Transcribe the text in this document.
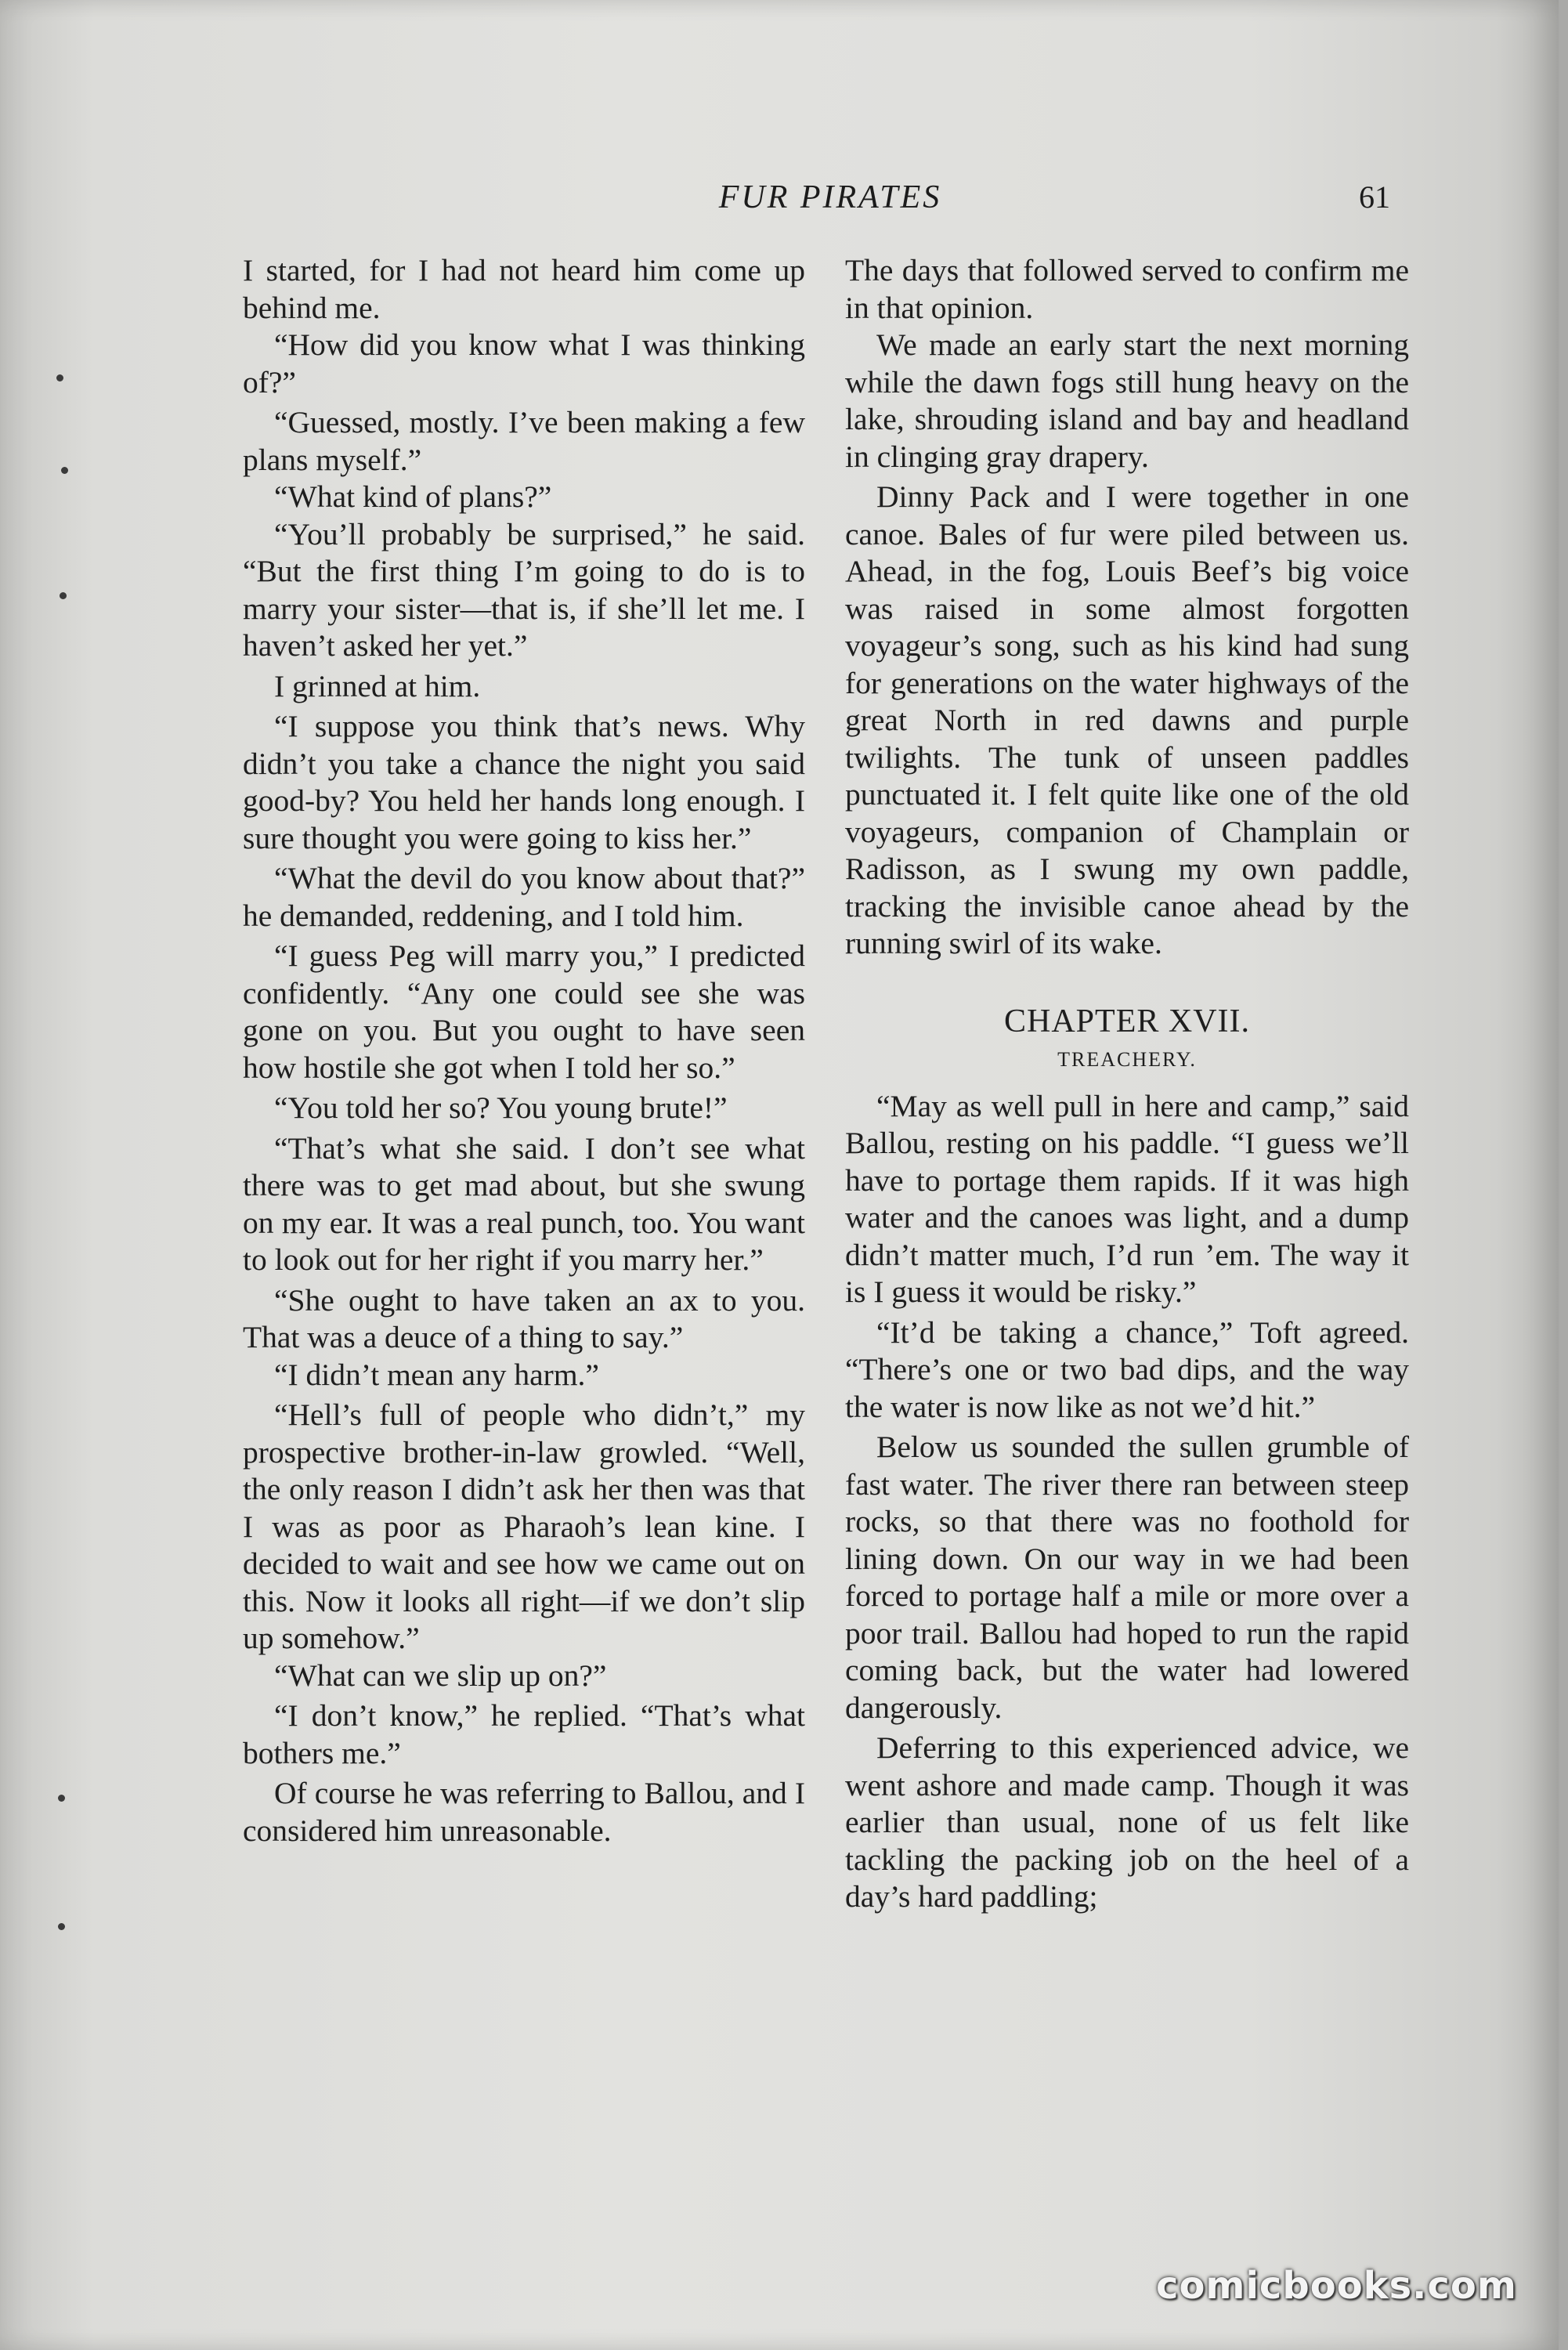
FUR PIRATES	61

I started, for I had not heard him come up behind me.

“How did you know what I was thinking of?”

“Guessed, mostly. I’ve been making a few plans myself.”

“What kind of plans?”

“You’ll probably be surprised,” he said. “But the first thing I’m going to do is to marry your sister—that is, if she’ll let me. I haven’t asked her yet.”

I grinned at him.

“I suppose you think that’s news. Why didn’t you take a chance the night you said good-by? You held her hands long enough. I sure thought you were going to kiss her.”

“What the devil do you know about that?” he demanded, reddening, and I told him.

“I guess Peg will marry you,” I predicted confidently. “Any one could see she was gone on you. But you ought to have seen how hostile she got when I told her so.”

“You told her so? You young brute!”

“That’s what she said. I don’t see what there was to get mad about, but she swung on my ear. It was a real punch, too. You want to look out for her right if you marry her.”

“She ought to have taken an ax to you. That was a deuce of a thing to say.”

“I didn’t mean any harm.”

“Hell’s full of people who didn’t,” my prospective brother-in-law growled. “Well, the only reason I didn’t ask her then was that I was as poor as Pharaoh’s lean kine. I decided to wait and see how we came out on this. Now it looks all right—if we don’t slip up somehow.”

“What can we slip up on?”

“I don’t know,” he replied. “That’s what bothers me.”

Of course he was referring to Ballou, and I considered him unreasonable.

The days that followed served to confirm me in that opinion.

We made an early start the next morning while the dawn fogs still hung heavy on the lake, shrouding island and bay and headland in clinging gray drapery.

Dinny Pack and I were together in one canoe. Bales of fur were piled between us. Ahead, in the fog, Louis Beef’s big voice was raised in some almost forgotten voyageur’s song, such as his kind had sung for generations on the water highways of the great North in red dawns and purple twilights. The tunk of unseen paddles punctuated it. I felt quite like one of the old voyageurs, companion of Champlain or Radisson, as I swung my own paddle, tracking the invisible canoe ahead by the running swirl of its wake.

CHAPTER XVII.
TREACHERY.

“May as well pull in here and camp,” said Ballou, resting on his paddle. “I guess we’ll have to portage them rapids. If it was high water and the canoes was light, and a dump didn’t matter much, I’d run ’em. The way it is I guess it would be risky.”

“It’d be taking a chance,” Toft agreed. “There’s one or two bad dips, and the way the water is now like as not we’d hit.”

Below us sounded the sullen grumble of fast water. The river there ran between steep rocks, so that there was no foothold for lining down. On our way in we had been forced to portage half a mile or more over a poor trail. Ballou had hoped to run the rapid coming back, but the water had lowered dangerously.

Deferring to this experienced advice, we went ashore and made camp. Though it was earlier than usual, none of us felt like tackling the packing job on the heel of a day’s hard paddling;

comicbooks.com
